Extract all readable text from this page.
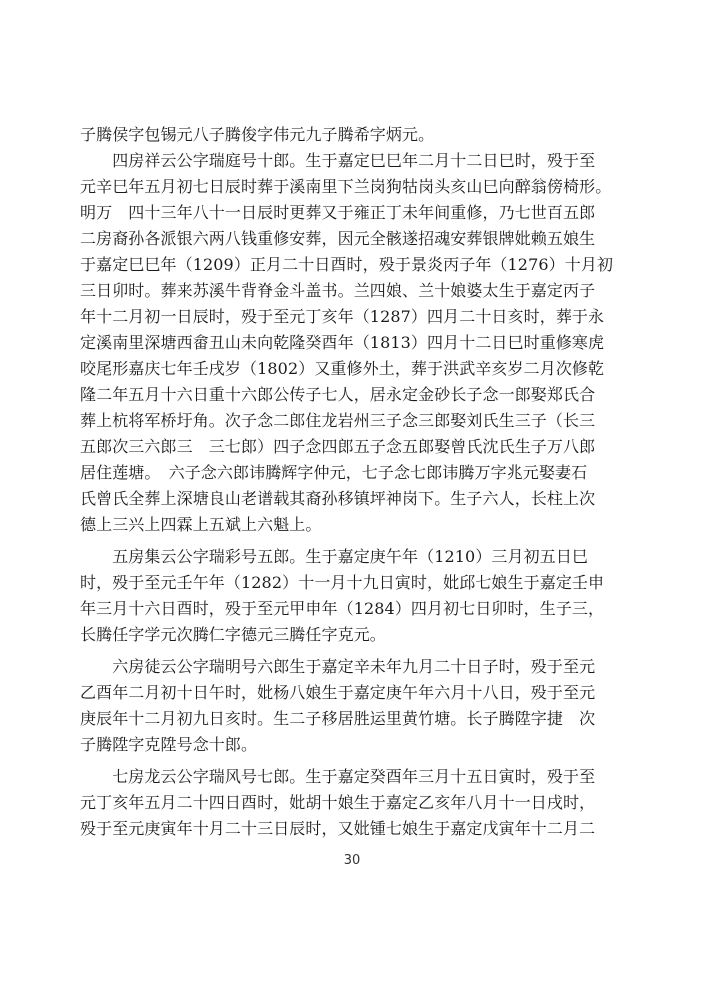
子腾侯字包锡元八子腾俊字伟元九子腾希字炳元。
　　四房祥云公字瑞庭号十郎。生于嘉定巳巳年二月十二日巳时，殁于至
元辛巳年五月初七日辰时葬于溪南里下兰岗狗牯岗头亥山巳向醉翁傍椅形。
明万　四十三年八十一日辰时更葬又于雍正丁未年间重修，乃七世百五郎
二房裔孙各派银六两八钱重修安葬，因元全骸遂招魂安葬银牌妣赖五娘生
于嘉定巳巳年（1209）正月二十日酉时，殁于景炎丙子年（1276）十月初
三日卯时。葬来苏溪牛背脊金斗盖书。兰四娘、兰十娘婆太生于嘉定丙子
年十二月初一日辰时，殁于至元丁亥年（1287）四月二十日亥时，葬于永
定溪南里深塘西畲丑山未向乾隆癸酉年（1813）四月十二日巳时重修寒虎
咬尾形嘉庆七年壬戌岁（1802）又重修外土，葬于洪武辛亥岁二月次修乾
隆二年五月十六日重十六郎公传子七人，居永定金砂长子念一郎娶郑氏合
葬上杭将军桥圩角。次子念二郎住龙岩州三子念三郎娶刘氏生三子（长三
五郎次三六郎三　三七郎）四子念四郎五子念五郎娶曾氏沈氏生子万八郎
居住莲塘。　六子念六郎讳腾辉字仲元，七子念七郎讳腾万字兆元娶妻石
氏曾氏全葬上深塘良山老谱载其裔孙移镇坪神岗下。生子六人，长柱上次
德上三兴上四霖上五斌上六魁上。
　　五房集云公字瑞彩号五郎。生于嘉定庚午年（1210）三月初五日巳
时，殁于至元壬午年（1282）十一月十九日寅时，妣邱七娘生于嘉定壬申
年三月十六日酉时，殁于至元甲申年（1284）四月初七日卯时，生子三，
长腾任字学元次腾仁字德元三腾任字克元。
　　六房徒云公字瑞明号六郎生于嘉定辛未年九月二十日子时，殁于至元
乙酉年二月初十日午时，妣杨八娘生于嘉定庚午年六月十八日，殁于至元
庚辰年十二月初九日亥时。生二子移居胜运里黄竹塘。长子腾陞字捷　次
子腾陞字克陞号念十郎。
　　七房龙云公字瑞风号七郎。生于嘉定癸酉年三月十五日寅时，殁于至
元丁亥年五月二十四日酉时，妣胡十娘生于嘉定乙亥年八月十一日戌时，
殁于至元庚寅年十月二十三日辰时，又妣锺七娘生于嘉定戊寅年十二月二
30
